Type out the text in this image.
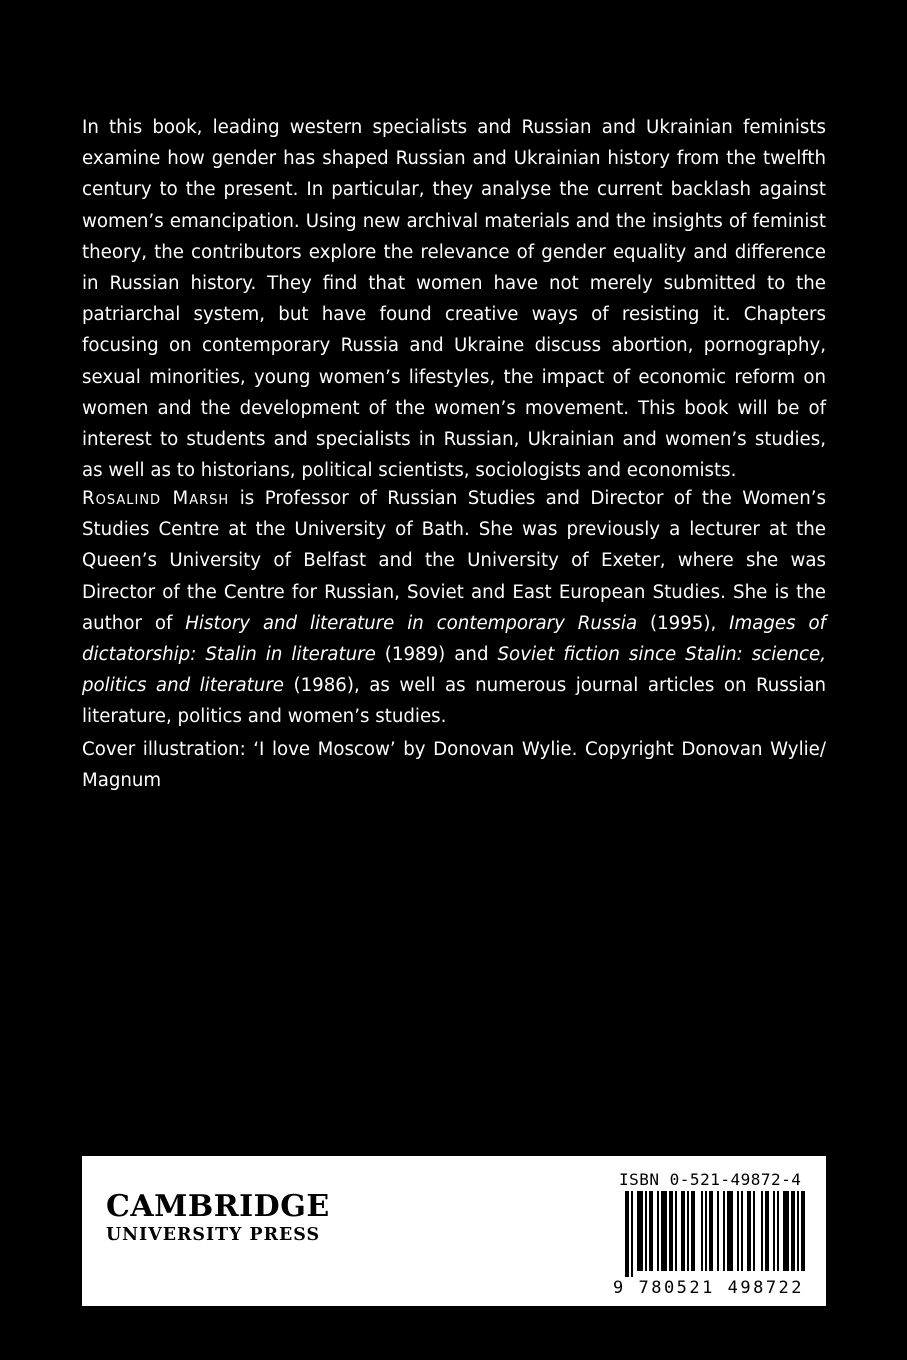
In this book, leading western specialists and Russian and Ukrainian feminists examine how gender has shaped Russian and Ukrainian history from the twelfth century to the present. In particular, they analyse the current backlash against women’s emancipation. Using new archival materials and the insights of feminist theory, the contributors explore the relevance of gender equality and difference in Russian history. They find that women have not merely submitted to the patriarchal system, but have found creative ways of resisting it. Chapters focusing on contemporary Russia and Ukraine discuss abortion, pornography, sexual minorities, young women’s lifestyles, the impact of economic reform on women and the development of the women’s movement. This book will be of interest to students and specialists in Russian, Ukrainian and women’s studies, as well as to historians, political scientists, sociologists and economists.

Rosalind Marsh is Professor of Russian Studies and Director of the Women’s Studies Centre at the University of Bath. She was previously a lecturer at the Queen’s University of Belfast and the University of Exeter, where she was Director of the Centre for Russian, Soviet and East European Studies. She is the author of History and literature in contemporary Russia (1995), Images of dictatorship: Stalin in literature (1989) and Soviet fiction since Stalin: science, politics and literature (1986), as well as numerous journal articles on Russian literature, politics and women’s studies.

Cover illustration: ‘I love Moscow’ by Donovan Wylie. Copyright Donovan Wylie/ Magnum

CAMBRIDGE
UNIVERSITY PRESS
ISBN 0-521-49872-4
9 780521 498722
